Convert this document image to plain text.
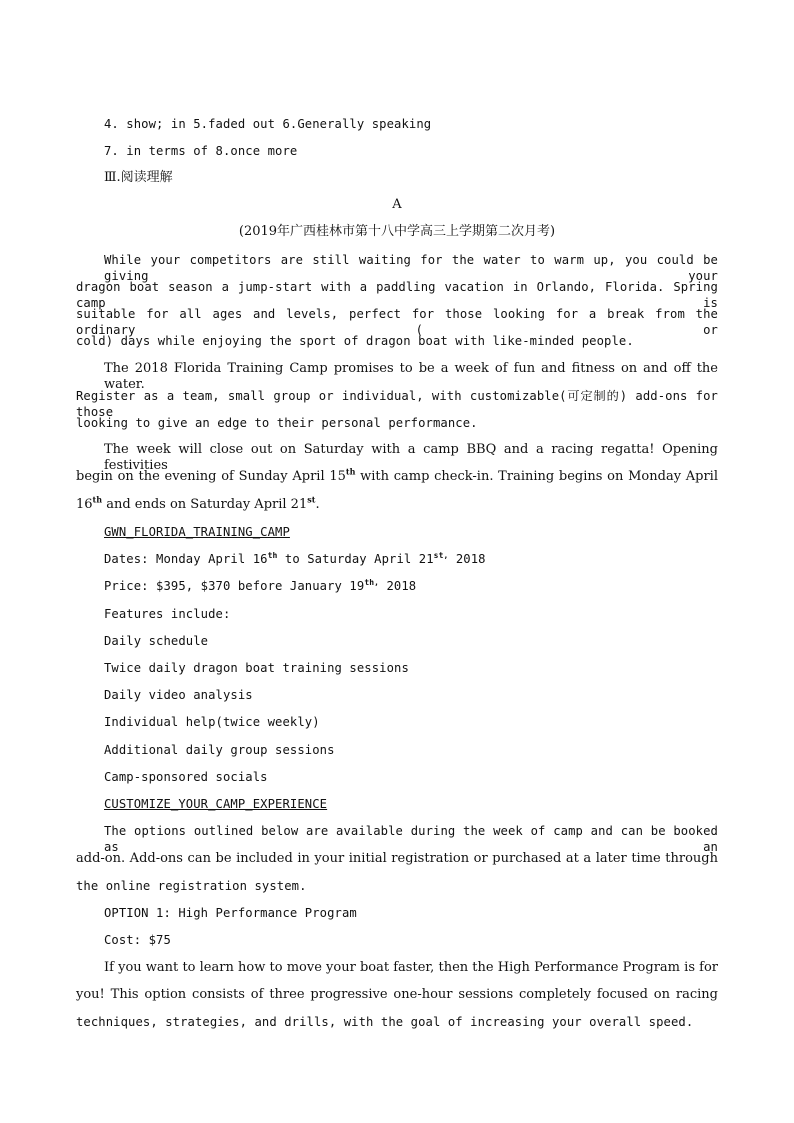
4. show; in 5.faded out 6.Generally speaking
7. in terms of 8.once more
Ⅲ.阅读理解
A
(2019年广西桂林市第十八中学高三上学期第二次月考)
While your competitors are still waiting for the water to warm up, you could be giving your
dragon boat season a jump-start with a paddling vacation in Orlando, Florida. Spring camp is
suitable for all ages and levels, perfect for those looking for a break from the ordinary ( or
cold) days while enjoying the sport of dragon boat with like-minded people.
The 2018 Florida Training Camp promises to be a week of fun and fitness on and off the water.
Register as a team, small group or individual, with customizable(可定制的) add-ons for those
looking to give an edge to their personal performance.
The week will close out on Saturday with a camp BBQ and a racing regatta! Opening festivities
begin on the evening of Sunday April 15th with camp check-in. Training begins on Monday April
16th and ends on Saturday April 21st.
GWN_FLORIDA_TRAINING_CAMP
Dates: Monday April 16th to Saturday April $21^{st,}$ 2018
Price: $395, $370 before January $19^{th,}$ 2018
Features include:
Daily schedule
Twice daily dragon boat training sessions
Daily video analysis
Individual help(twice weekly)
Additional daily group sessions
Camp-sponsored socials
CUSTOMIZE_YOUR_CAMP_EXPERIENCE
The options outlined below are available during the week of camp and can be booked as an
add-on. Add-ons can be included in your initial registration or purchased at a later time through
the online registration system.
OPTION 1: High Performance Program
Cost: $75
If you want to learn how to move your boat faster, then the High Performance Program is for
you! This option consists of three progressive one-hour sessions completely focused on racing
techniques, strategies, and drills, with the goal of increasing your overall speed.
